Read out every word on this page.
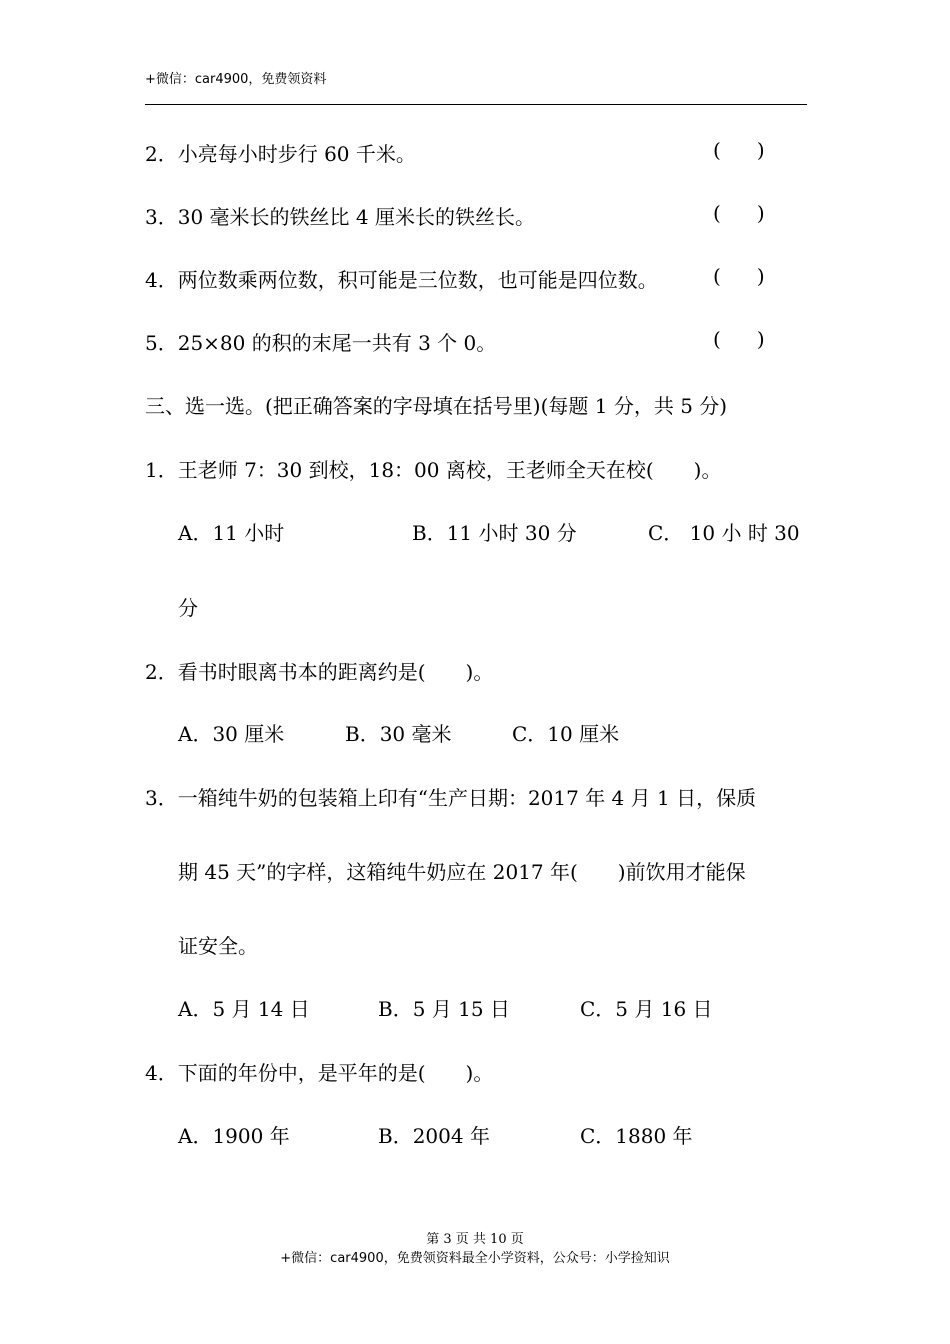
+微信：car4900，免费领资料
2．小亮每小时步行 60 千米。	( )
3．30 毫米长的铁丝比 4 厘米长的铁丝长。	( )
4．两位数乘两位数，积可能是三位数，也可能是四位数。	( )
5．25×80 的积的末尾一共有 3 个 0。	( )
三、选一选。(把正确答案的字母填在括号里)(每题 1 分，共 5 分)
1．王老师 7：30 到校，18：00 离校，王老师全天在校(　　)。
A．11 小时	B．11 小时 30 分	C． 10 小 时 30
分
2．看书时眼离书本的距离约是(　　)。
A．30 厘米	B．30 毫米	C．10 厘米
3．一箱纯牛奶的包装箱上印有“生产日期：2017 年 4 月 1 日，保质
期 45 天”的字样，这箱纯牛奶应在 2017 年(　　)前饮用才能保
证安全。
A．5 月 14 日	B．5 月 15 日	C．5 月 16 日
4．下面的年份中，是平年的是(　　)。
A．1900 年	B．2004 年	C．1880 年
第 3 页 共 10 页
+微信：car4900，免费领资料最全小学资料，公众号：小学捡知识
